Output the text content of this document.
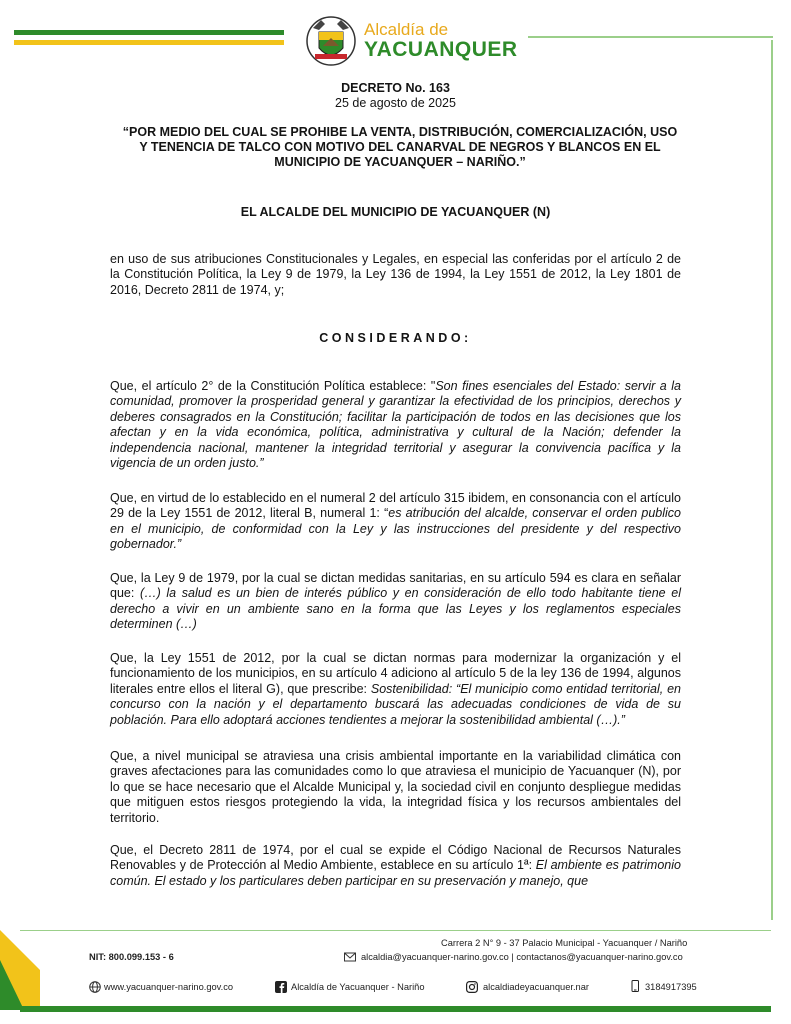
Alcaldía de
YACUANQUER
DECRETO No. 163
25 de agosto de 2025
“POR MEDIO DEL CUAL SE PROHIBE LA VENTA, DISTRIBUCIÓN, COMERCIALIZACIÓN, USO Y TENENCIA DE TALCO CON MOTIVO DEL CANARVAL DE NEGROS Y BLANCOS EN EL MUNICIPIO DE YACUANQUER – NARIÑO.”
EL ALCALDE DEL MUNICIPIO DE YACUANQUER (N)
en uso de sus atribuciones Constitucionales y Legales, en especial las conferidas por el artículo 2 de la Constitución Política, la Ley 9 de 1979, la Ley 136 de 1994, la Ley 1551 de 2012, la Ley 1801 de 2016, Decreto 2811 de 1974, y;
CONSIDERANDO:
Que, el artículo 2° de la Constitución Política establece: "Son fines esenciales del Estado: servir a la comunidad, promover la prosperidad general y garantizar la efectividad de los principios, derechos y deberes consagrados en la Constitución; facilitar la participación de todos en las decisiones que los afectan y en la vida económica, política, administrativa y cultural de la Nación; defender la independencia nacional, mantener la integridad territorial y asegurar la convivencia pacífica y la vigencia de un orden justo.”
Que, en virtud de lo establecido en el numeral 2 del artículo 315 ibidem, en consonancia con el artículo 29 de la Ley 1551 de 2012, literal B, numeral 1: “es atribución del alcalde, conservar el orden publico en el municipio, de conformidad con la Ley y las instrucciones del presidente y del respectivo gobernador.”
Que, la Ley 9 de 1979, por la cual se dictan medidas sanitarias, en su artículo 594 es clara en señalar que: (…) la salud es un bien de interés público y en consideración de ello todo habitante tiene el derecho a vivir en un ambiente sano en la forma que las Leyes y los reglamentos especiales determinen (…)
Que, la Ley 1551 de 2012, por la cual se dictan normas para modernizar la organización y el funcionamiento de los municipios, en su artículo 4 adiciono al artículo 5 de la ley 136 de 1994, algunos literales entre ellos el literal G), que prescribe: Sostenibilidad: “El municipio como entidad territorial, en concurso con la nación y el departamento buscará las adecuadas condiciones de vida de su población. Para ello adoptará acciones tendientes a mejorar la sostenibilidad ambiental (…).”
Que, a nivel municipal se atraviesa una crisis ambiental importante en la variabilidad climática con graves afectaciones para las comunidades como lo que atraviesa el municipio de Yacuanquer (N), por lo que se hace necesario que el Alcalde Municipal y, la sociedad civil en conjunto despliegue medidas que mitiguen estos riesgos protegiendo la vida, la integridad física y los recursos ambientales del territorio.
Que, el Decreto 2811 de 1974, por el cual se expide el Código Nacional de Recursos Naturales Renovables y de Protección al Medio Ambiente, establece en su artículo 1ª: El ambiente es patrimonio común. El estado y los particulares deben participar en su preservación y manejo, que
Carrera 2 N° 9 - 37 Palacio Municipal - Yacuanquer / Nariño
NIT: 800.099.153 - 6	alcaldia@yacuanquer-narino.gov.co | contactanos@yacuanquer-narino.gov.co
www.yacuanquer-narino.gov.co	Alcaldía de Yacuanquer - Nariño	alcaldiadeyacuanquer.nar	3184917395
